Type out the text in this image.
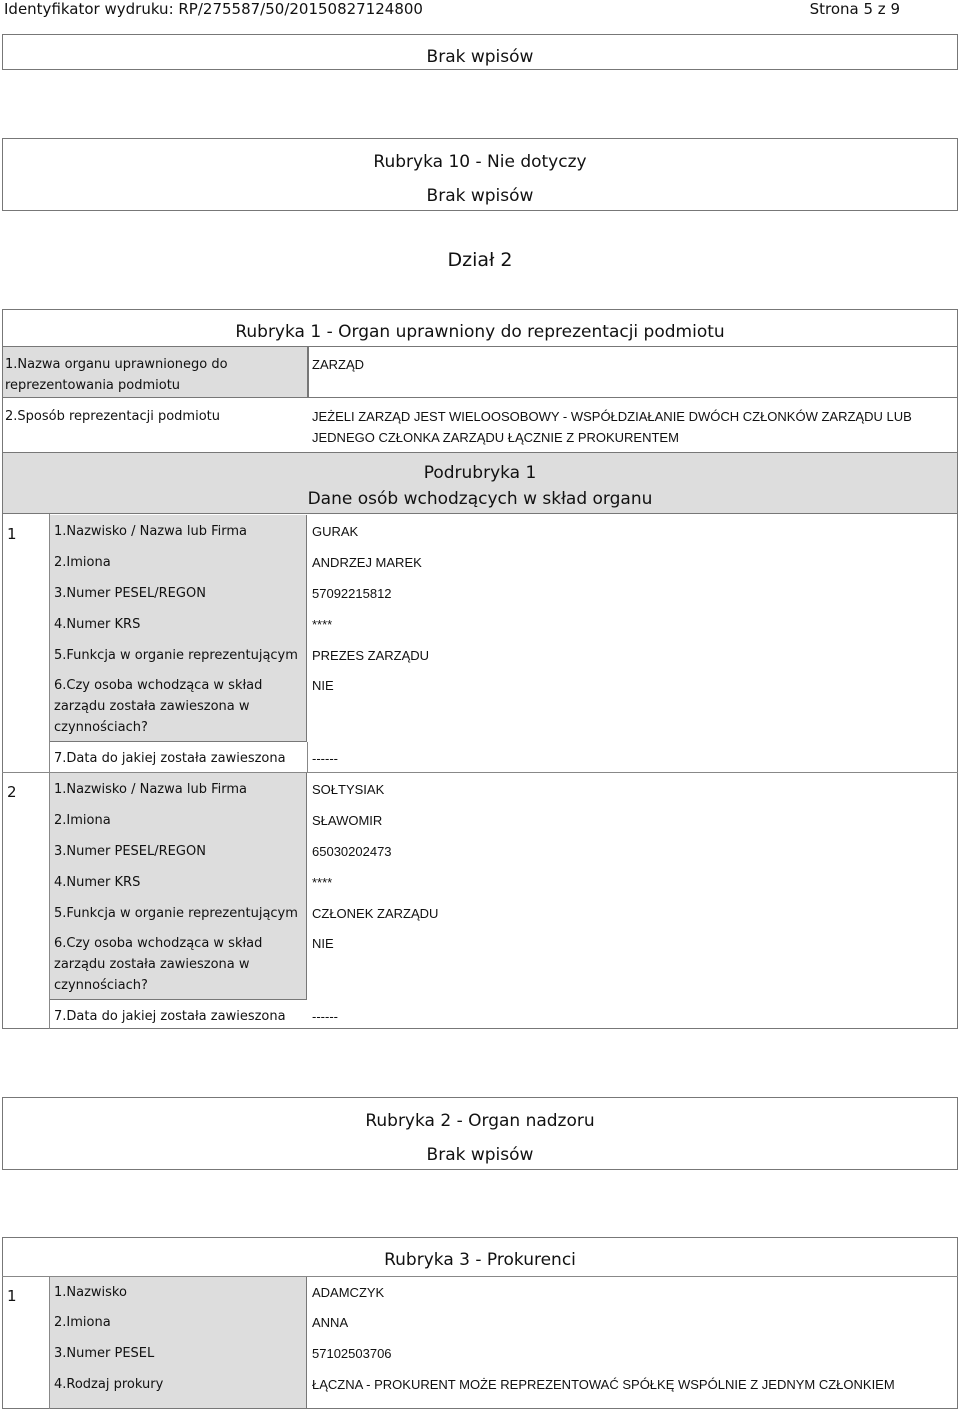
Identyfikator wydruku: RP/275587/50/20150827124800	Strona 5 z 9
Brak wpisów
Rubryka 10 - Nie dotyczy
Brak wpisów
Dział 2
Rubryka 1 - Organ uprawniony do reprezentacji podmiotu
1.Nazwa organu uprawnionego do reprezentowania podmiotu
ZARZĄD
2.Sposób reprezentacji podmiotu	JEŻELI ZARZĄD JEST WIELOOSOBOWY - WSPÓŁDZIAŁANIE DWÓCH CZŁONKÓW ZARZĄDU LUB JEDNEGO CZŁONKA ZARZĄDU ŁĄCZNIE Z PROKURENTEM
Podrubryka 1
Dane osób wchodzących w skład organu
1	1.Nazwisko / Nazwa lub Firma	GURAK
2.Imiona	ANDRZEJ MAREK
3.Numer PESEL/REGON	57092215812
4.Numer KRS	****
5.Funkcja w organie reprezentującym PREZES ZARZĄDU
6.Czy osoba wchodząca w skład zarządu została zawieszona w czynnościach?
NIE
7.Data do jakiej została zawieszona ------
2	1.Nazwisko / Nazwa lub Firma	SOŁTYSIAK
2.Imiona	SŁAWOMIR
3.Numer PESEL/REGON	65030202473
4.Numer KRS	****
5.Funkcja w organie reprezentującym CZŁONEK ZARZĄDU
6.Czy osoba wchodząca w skład zarządu została zawieszona w czynnościach?
NIE
7.Data do jakiej została zawieszona ------
Rubryka 2 - Organ nadzoru
Brak wpisów
Rubryka 3 - Prokurenci
1	1.Nazwisko	ADAMCZYK
2.Imiona	ANNA
3.Numer PESEL	57102503706
4.Rodzaj prokury	ŁĄCZNA - PROKURENT MOŻE REPREZENTOWAĆ SPÓŁKĘ WSPÓLNIE Z JEDNYM CZŁONKIEM
